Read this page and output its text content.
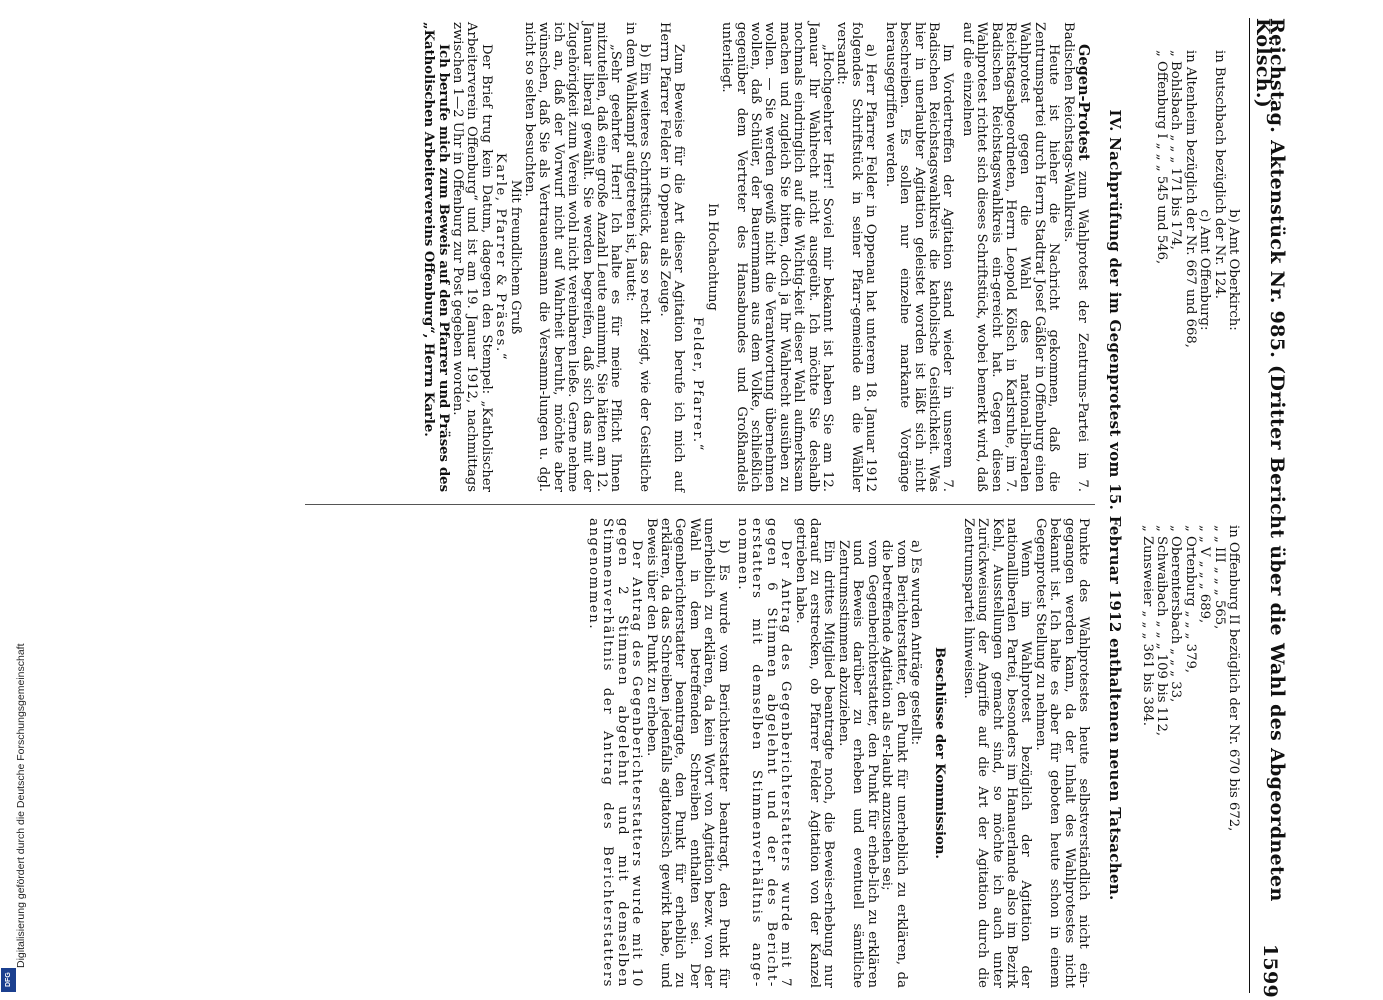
Reichstag. Aktenstück Nr. 985. (Dritter Bericht über die Wahl des Abgeordneten Kölsch.)
1599
b) Amt Oberkirch:
in Butschbach bezüglich der Nr. 124.
c) Amt Offenburg:
in Altenheim bezüglich der Nr. 667 und 668,
„ Bohlsbach „ „ „ 171 bis 174,
„ Offenburg I „ „ „ 545 und 546,
in Offenburg II bezüglich der Nr. 670 bis 672,
„ „ III „ „ „ 565,
„ „ V „ „ „ 689,
„ Ortenburg „ „ „ 379,
„ Oberentersbach „ „ „ 33,
„ Schwaibach „ „ „ 109 bis 112,
„ Zunsweier „ „ „ 361 bis 384.
IV. Nachprüfung der im Gegenprotest vom 15. Februar 1912 enthaltenen neuen Tatsachen.

Gegen-Protest zum Wahlprotest der Zentrums-Partei im 7. Badischen Reichstags-Wahlkreis.

Heute ist hieher die Nachricht gekommen, daß die Zentrumspartei durch Herrn Stadtrat Josef Gäßler in Offenburg einen Wahlprotest gegen die Wahl des national-liberalen Reichstagsabgeordneten, Herrn Leopold Kölsch in Karlsruhe, im 7. Badischen Reichstagswahlkreis ein-gereicht hat. Gegen diesen Wahlprotest richtet sich dieses Schriftstück, wobei bemerkt wird, daß auf die einzelnen

Im Vordertreffen der Agitation stand wieder in unserem 7. Badischen Reichstagswahlkreis die katholische Geistlichkeit. Was hier in unerlaubter Agitation geleistet worden ist läßt sich nicht beschreiben. Es sollen nur einzelne markante Vorgänge herausgegriffen werden.

a) Herr Pfarrer Felder in Oppenau hat unterem 18. Januar 1912 folgendes Schriftstück in seiner Pfarr-gemeinde an die Wähler versandt:

„Hochgeehrter Herr! Soviel mir bekannt ist haben Sie am 12. Januar Ihr Wahlrecht nicht ausgeübt. Ich möchte Sie deshalb nochmals eindringlich auf die Wichtig-keit dieser Wahl aufmerksam machen und zugleich Sie bitten, doch ja Ihr Wahlrecht ausüben zu wollen. — Sie werden gewiß nicht die Verantwortung übernehmen wollen, daß Schüler, der Bauernmann aus dem Volke, schließlich gegenüber dem Vertreter des Hansabundes und Großhandels unterliegt.

In Hochachtung

Felder, Pfarrer.“

Zum Beweise für die Art dieser Agitation berufe ich mich auf Herrn Pfarrer Felder in Oppenau als Zeuge.

b) Ein weiteres Schriftstück, das so recht zeigt, wie der Geistliche in dem Wahlkampf aufgetreten ist, lautet:

„Sehr geehrter Herr! Ich halte es für meine Pflicht Ihnen mitzuteilen, daß eine große Anzahl Leute annimmt, Sie hätten am 12. Januar liberal gewählt. Sie werden begreifen, daß sich das mit der Zugehörigkeit zum Verein wohl nicht vereinbaren ließe. Gerne nehme ich an, daß der Vorwurf nicht auf Wahrheit beruht, möchte aber wünschen, daß Sie als Vertrauensmann die Versamm-lungen u. dgl. nicht so selten besuchten.

Mit freundlichem Gruß

Karle, Pfarrer & Präses.“

Der Brief trug kein Datum, dagegen den Stempel: „Katholischer Arbeiterverein Offenburg“ und ist am 19. Januar 1912, nachmittags zwischen 1—2 Uhr in Offenburg zur Post gegeben worden.

Ich berufe mich zum Beweis auf den Pfarrer und Präses des „Katholischen Arbeitervereins Offenburg“, Herrn Karle.

Punkte des Wahlprotestes heute selbstverständlich nicht ein-gegangen werden kann, da der Inhalt des Wahlprotestes nicht bekannt ist. Ich halte es aber für geboten heute schon in einem Gegenprotest Stellung zu nehmen.

Wenn im Wahlprotest bezüglich der Agitation der nationalliberalen Partei, besonders im Hanauerlande also im Bezirk Kehl, Ausstellungen gemacht sind, so möchte ich auch unter Zurückweisung der Angriffe auf die Art der Agitation durch die Zentrumspartei hinweisen.

Beschlüsse der Kommission.

a) Es wurden Anträge gestellt:

vom Berichterstatter, den Punkt für unerheblich zu erklären, da die betreffende Agitation als er-laubt anzusehen sei;

vom Gegenberichterstatter, den Punkt für erheb-lich zu erklären und Beweis darüber zu erheben und eventuell sämtliche Zentrumsstimmen abzuziehen.

Ein drittes Mitglied beantragte noch, die Beweis-erhebung nur darauf zu erstrecken, ob Pfarrer Felder Agitation von der Kanzel getrieben habe.

Der Antrag des Gegenberichterstatters wurde mit 7 gegen 6 Stimmen abgelehnt und der des Bericht-erstatters mit demselben Stimmenverhältnis ange-nommen.

b) Es wurde vom Berichterstatter beantragt, den Punkt für unerheblich zu erklären, da kein Wort von Agitation bezw. von der Wahl in dem betreffenden Schreiben enthalten sei. Der Gegenberichterstatter beantragte, den Punkt für erheblich zu erklären, da das Schreiben jedenfalls agitatorisch gewirkt habe, und Beweis über den Punkt zu erheben.

Der Antrag des Gegenberichterstatters wurde mit 10 gegen 2 Stimmen abgelehnt und mit demselben Stimmenverhältnis der Antrag des Berichterstatters angenommen.

Digitalisierung gefördert durch die Deutsche Forschungsgemeinschaft
DFG
